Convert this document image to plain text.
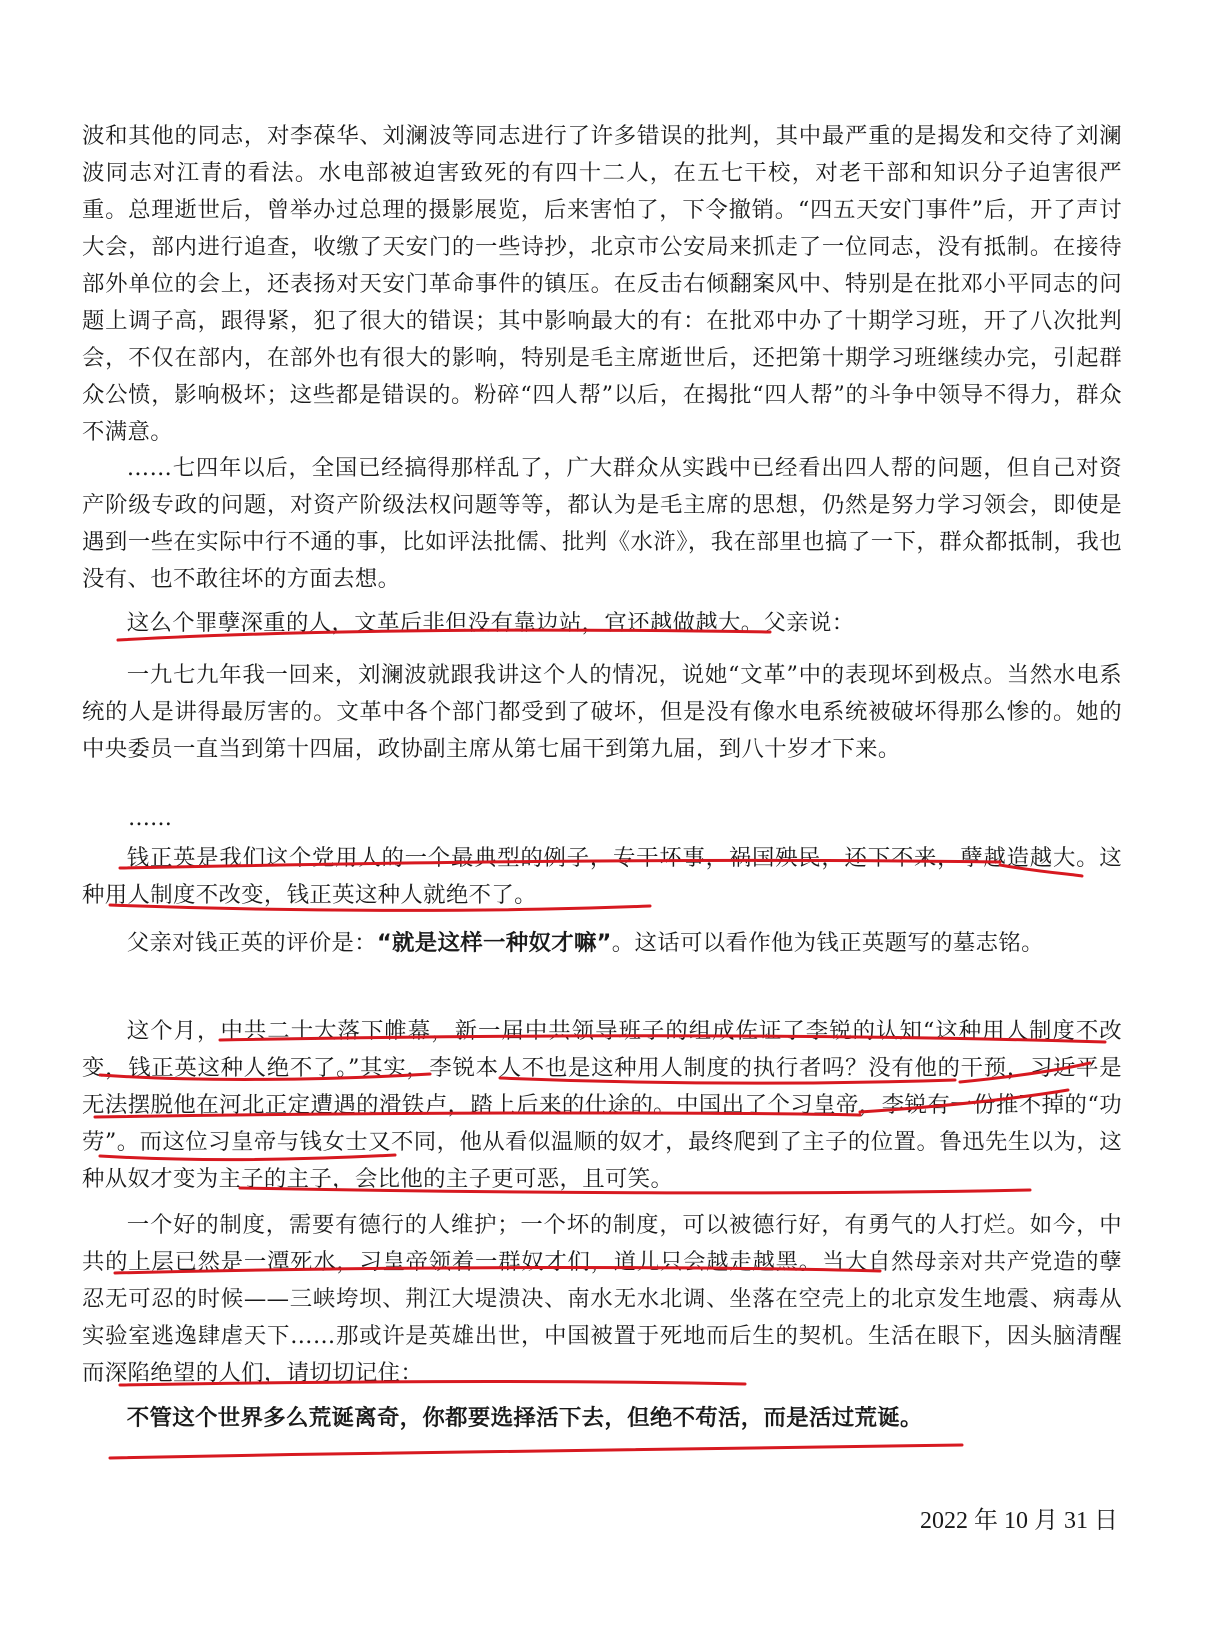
波和其他的同志，对李葆华、刘澜波等同志进行了许多错误的批判，其中最严重的是揭发和交待了刘澜波同志对江青的看法。水电部被迫害致死的有四十二人，在五七干校，对老干部和知识分子迫害很严重。总理逝世后，曾举办过总理的摄影展览，后来害怕了，下令撤销。“四五天安门事件”后，开了声讨大会，部内进行追查，收缴了天安门的一些诗抄，北京市公安局来抓走了一位同志，没有抵制。在接待部外单位的会上，还表扬对天安门革命事件的镇压。在反击右倾翻案风中、特别是在批邓小平同志的问题上调子高，跟得紧，犯了很大的错误；其中影响最大的有：在批邓中办了十期学习班，开了八次批判会，不仅在部内，在部外也有很大的影响，特别是毛主席逝世后，还把第十期学习班继续办完，引起群众公愤，影响极坏；这些都是错误的。粉碎“四人帮”以后，在揭批“四人帮”的斗争中领导不得力，群众不满意。

……七四年以后，全国已经搞得那样乱了，广大群众从实践中已经看出四人帮的问题，但自己对资产阶级专政的问题，对资产阶级法权问题等等，都认为是毛主席的思想，仍然是努力学习领会，即使是遇到一些在实际中行不通的事，比如评法批儒、批判《水浒》，我在部里也搞了一下，群众都抵制，我也没有、也不敢往坏的方面去想。

这么个罪孽深重的人，文革后非但没有靠边站，官还越做越大。父亲说：

一九七九年我一回来，刘澜波就跟我讲这个人的情况，说她“文革”中的表现坏到极点。当然水电系统的人是讲得最厉害的。文革中各个部门都受到了破坏，但是没有像水电系统被破坏得那么惨的。她的中央委员一直当到第十四届，政协副主席从第七届干到第九届，到八十岁才下来。

……

钱正英是我们这个党用人的一个最典型的例子，专干坏事，祸国殃民，还下不来，孽越造越大。这种用人制度不改变，钱正英这种人就绝不了。

父亲对钱正英的评价是：“就是这样一种奴才嘛”。这话可以看作他为钱正英题写的墓志铭。

这个月，中共二十大落下帷幕，新一届中共领导班子的组成佐证了李锐的认知“这种用人制度不改变，钱正英这种人绝不了。”其实，李锐本人不也是这种用人制度的执行者吗？没有他的干预，习近平是无法摆脱他在河北正定遭遇的滑铁卢，踏上后来的仕途的。中国出了个习皇帝，李锐有一份推不掉的“功劳”。而这位习皇帝与钱女士又不同，他从看似温顺的奴才，最终爬到了主子的位置。鲁迅先生以为，这种从奴才变为主子的主子，会比他的主子更可恶，且可笑。

一个好的制度，需要有德行的人维护；一个坏的制度，可以被德行好，有勇气的人打烂。如今，中共的上层已然是一潭死水，习皇帝领着一群奴才们，道儿只会越走越黑。当大自然母亲对共产党造的孽忍无可忍的时候——三峡垮坝、荆江大堤溃决、南水无水北调、坐落在空壳上的北京发生地震、病毒从实验室逃逸肆虐天下……那或许是英雄出世，中国被置于死地而后生的契机。生活在眼下，因头脑清醒而深陷绝望的人们，请切切记住：

不管这个世界多么荒诞离奇，你都要选择活下去，但绝不苟活，而是活过荒诞。

2022 年 10 月 31 日
